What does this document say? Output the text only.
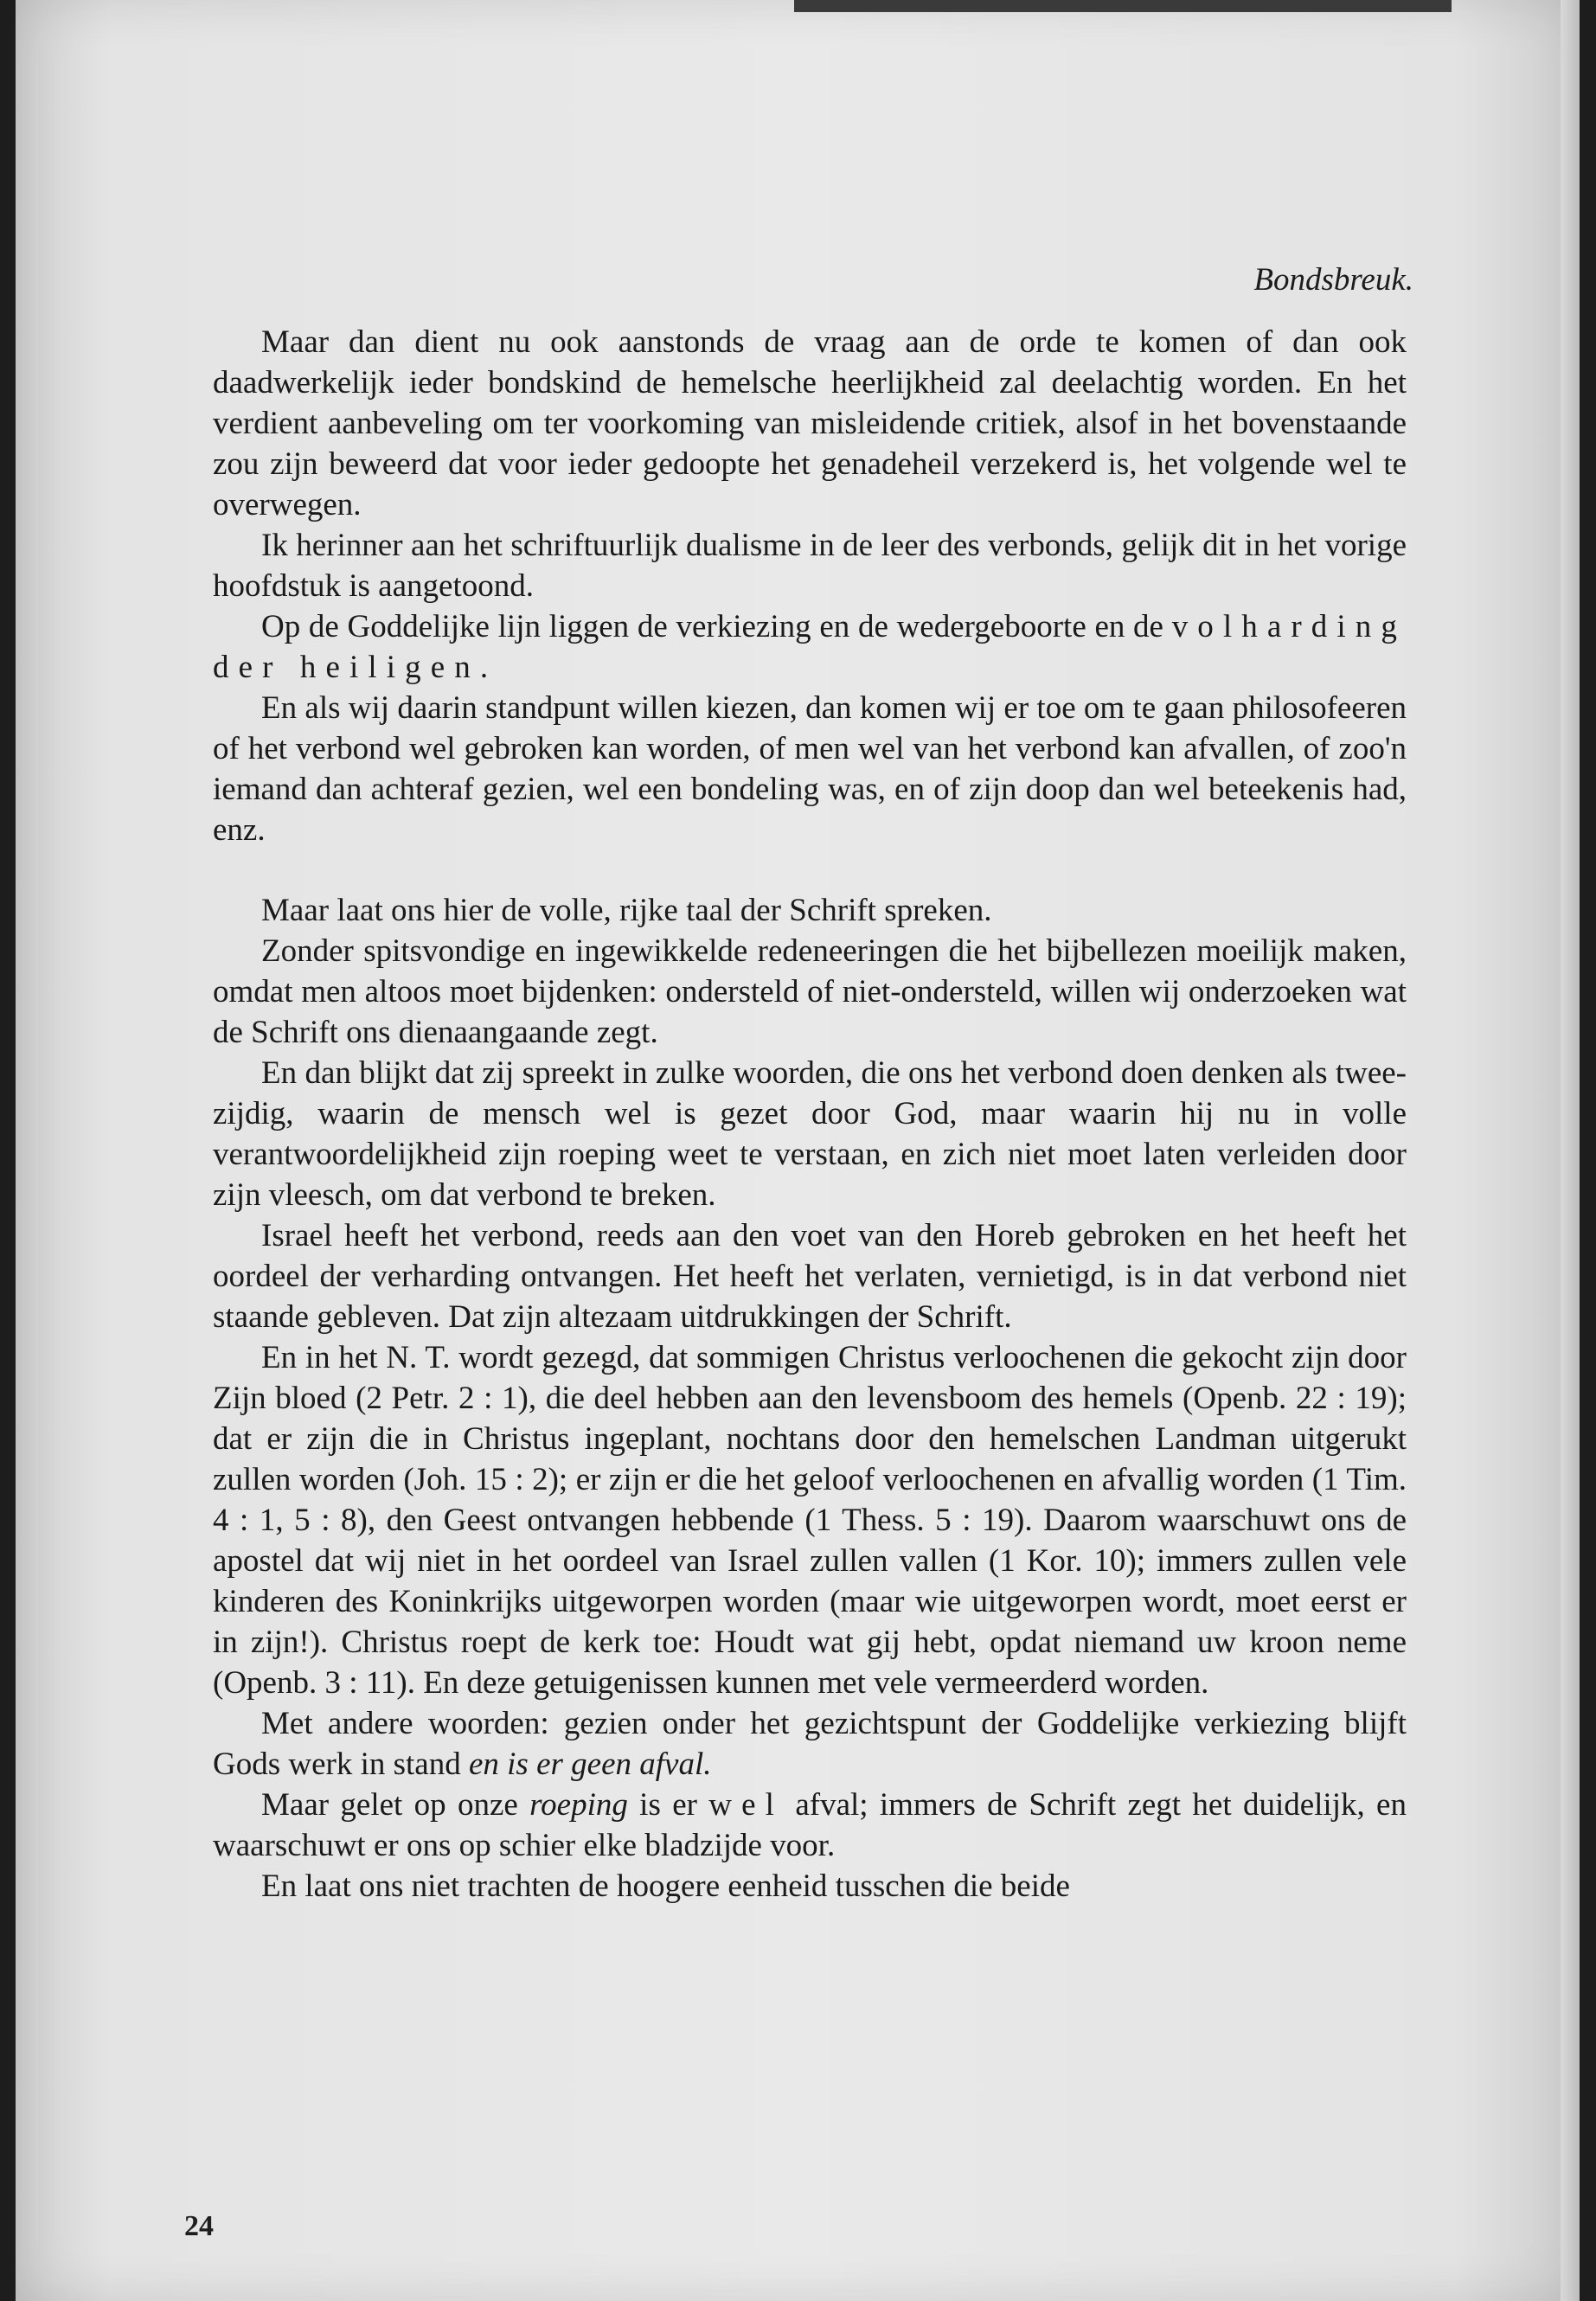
Bondsbreuk.

Maar dan dient nu ook aanstonds de vraag aan de orde te komen of dan ook daadwerkelijk ieder bondskind de hemelsche heerlijkheid zal deelachtig worden. En het verdient aanbeveling om ter voorkoming van misleidende critiek, alsof in het bovenstaande zou zijn beweerd dat voor ieder gedoopte het genadeheil verzekerd is, het volgende wel te overwegen.

Ik herinner aan het schriftuurlijk dualisme in de leer des verbonds, gelijk dit in het vorige hoofdstuk is aangetoond.

Op de Goddelijke lijn liggen de verkiezing en de wedergeboorte en de volharding der heiligen.

En als wij daarin standpunt willen kiezen, dan komen wij er toe om te gaan philosofeeren of het verbond wel gebroken kan worden, of men wel van het verbond kan afvallen, of zoo'n iemand dan achteraf gezien, wel een bondeling was, en of zijn doop dan wel beteekenis had, enz.

Maar laat ons hier de volle, rijke taal der Schrift spreken.

Zonder spitsvondige en ingewikkelde redeneeringen die het bijbellezen moeilijk maken, omdat men altoos moet bijdenken: ondersteld of niet-ondersteld, willen wij onderzoeken wat de Schrift ons dienaangaande zegt.

En dan blijkt dat zij spreekt in zulke woorden, die ons het verbond doen denken als twee-zijdig, waarin de mensch wel is gezet door God, maar waarin hij nu in volle verantwoordelijkheid zijn roeping weet te verstaan, en zich niet moet laten verleiden door zijn vleesch, om dat verbond te breken.

Israel heeft het verbond, reeds aan den voet van den Horeb gebroken en het heeft het oordeel der verharding ontvangen. Het heeft het verlaten, vernietigd, is in dat verbond niet staande gebleven. Dat zijn altezaam uitdrukkingen der Schrift.

En in het N. T. wordt gezegd, dat sommigen Christus verloochenen die gekocht zijn door Zijn bloed (2 Petr. 2 : 1), die deel hebben aan den levensboom des hemels (Openb. 22 : 19); dat er zijn die in Christus ingeplant, nochtans door den hemelschen Landman uitgerukt zullen worden (Joh. 15 : 2); er zijn er die het geloof verloochenen en afvallig worden (1 Tim. 4 : 1, 5 : 8), den Geest ontvangen hebbende (1 Thess. 5 : 19). Daarom waarschuwt ons de apostel dat wij niet in het oordeel van Israel zullen vallen (1 Kor. 10); immers zullen vele kinderen des Koninkrijks uitgeworpen worden (maar wie uitgeworpen wordt, moet eerst er in zijn!). Christus roept de kerk toe: Houdt wat gij hebt, opdat niemand uw kroon neme (Openb. 3 : 11). En deze getuigenissen kunnen met vele vermeerderd worden.

Met andere woorden: gezien onder het gezichtspunt der Goddelijke verkiezing blijft Gods werk in stand en is er geen afval.

Maar gelet op onze roeping is er wel afval; immers de Schrift zegt het duidelijk, en waarschuwt er ons op schier elke bladzijde voor.

En laat ons niet trachten de hoogere eenheid tusschen die beide

24
